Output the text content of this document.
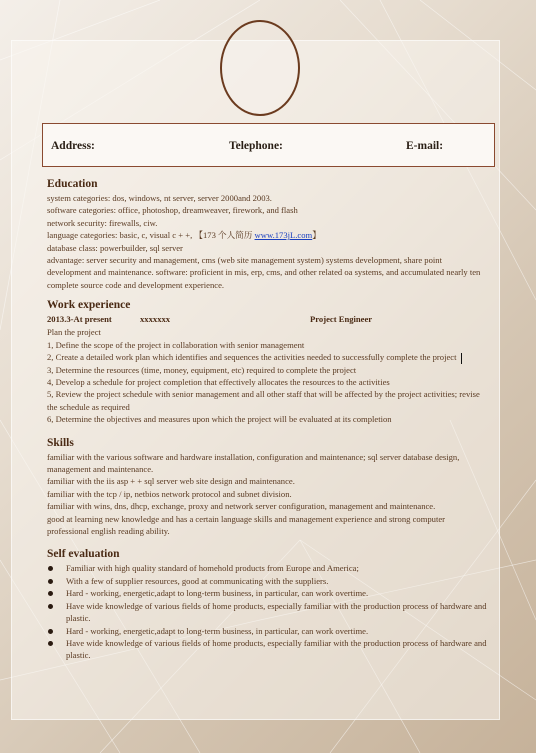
Address:	Telephone:	E-mail:
Education
system categories: dos, windows, nt server, server 2000and 2003.
software categories: office, photoshop, dreamweaver, firework, and flash
network security: firewalls, ciw.
language categories: basic, c, visual c + +, 【173 个人简历 www.173jL.com】
database class: powerbuilder, sql server
advantage: server security and management, cms (web site management system) systems development, share point development and maintenance. software: proficient in mis, erp, cms, and other related oa systems, and accumulated nearly ten complete source code and development experience.
Work experience
2013.3-At present	xxxxxxx	Project Engineer
Plan the project
1, Define the scope of the project in collaboration with senior management
2, Create a detailed work plan which identifies and sequences the activities needed to successfully complete the project
3, Determine the resources (time, money, equipment, etc) required to complete the project
4, Develop a schedule for project completion that effectively allocates the resources to the activities
5, Review the project schedule with senior management and all other staff that will be affected by the project activities; revise the schedule as required
6, Determine the objectives and measures upon which the project will be evaluated at its completion
Skills
familiar with the various software and hardware installation, configuration and maintenance; sql server database design, management and maintenance.
familiar with the iis asp + + sql server web site design and maintenance.
familiar with the tcp / ip, netbios network protocol and subnet division.
familiar with wins, dns, dhcp, exchange, proxy and network server configuration, management and maintenance.
good at learning new knowledge and has a certain language skills and management experience and strong computer professional english reading ability.
Self evaluation
Familiar with high quality standard of homehold products from Europe and America;
With a few of supplier resources, good at communicating with the suppliers.
Hard - working, energetic,adapt to long-term business, in particular, can work overtime.
Have wide knowledge of various fields of home products, especially familiar with the production process of hardware and plastic.
Hard - working, energetic,adapt to long-term business, in particular, can work overtime.
Have wide knowledge of various fields of home products, especially familiar with the production process of hardware and plastic.
